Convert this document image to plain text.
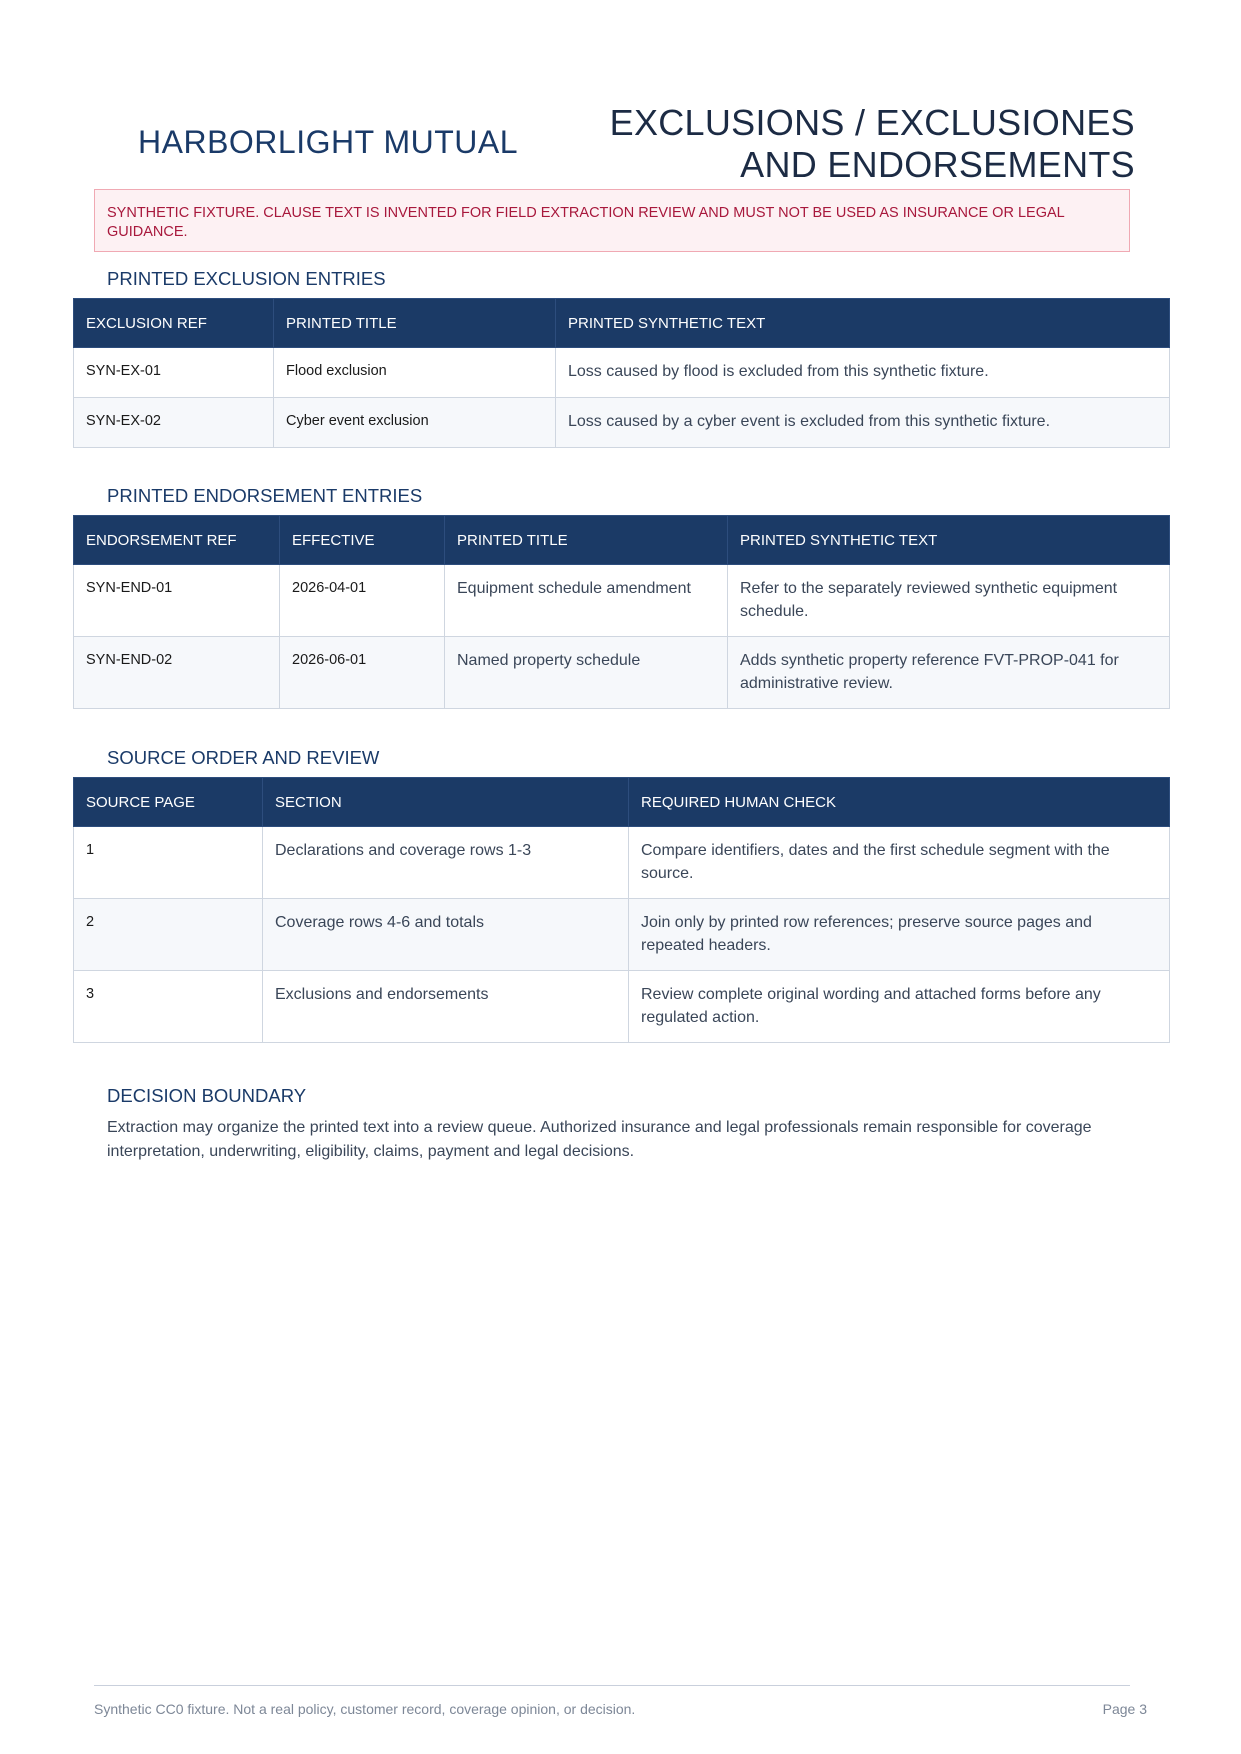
HARBORLIGHT MUTUAL	EXCLUSIONS / EXCLUSIONES
AND ENDORSEMENTS
SYNTHETIC FIXTURE. CLAUSE TEXT IS INVENTED FOR FIELD EXTRACTION REVIEW AND MUST NOT BE USED AS INSURANCE OR LEGAL GUIDANCE.
PRINTED EXCLUSION ENTRIES
EXCLUSION REF	PRINTED TITLE	PRINTED SYNTHETIC TEXT
SYN-EX-01	Flood exclusion	Loss caused by flood is excluded from this synthetic fixture.
SYN-EX-02	Cyber event exclusion	Loss caused by a cyber event is excluded from this synthetic fixture.
PRINTED ENDORSEMENT ENTRIES
ENDORSEMENT REF	EFFECTIVE	PRINTED TITLE	PRINTED SYNTHETIC TEXT
SYN-END-01	2026-04-01	Equipment schedule amendment	Refer to the separately reviewed synthetic equipment schedule.
SYN-END-02	2026-06-01	Named property schedule	Adds synthetic property reference FVT-PROP-041 for administrative review.
SOURCE ORDER AND REVIEW
SOURCE PAGE	SECTION	REQUIRED HUMAN CHECK
1	Declarations and coverage rows 1-3	Compare identifiers, dates and the first schedule segment with the source.
2	Coverage rows 4-6 and totals	Join only by printed row references; preserve source pages and repeated headers.
3	Exclusions and endorsements	Review complete original wording and attached forms before any regulated action.
DECISION BOUNDARY
Extraction may organize the printed text into a review queue. Authorized insurance and legal professionals remain responsible for coverage interpretation, underwriting, eligibility, claims, payment and legal decisions.
Synthetic CC0 fixture. Not a real policy, customer record, coverage opinion, or decision.	Page 3
